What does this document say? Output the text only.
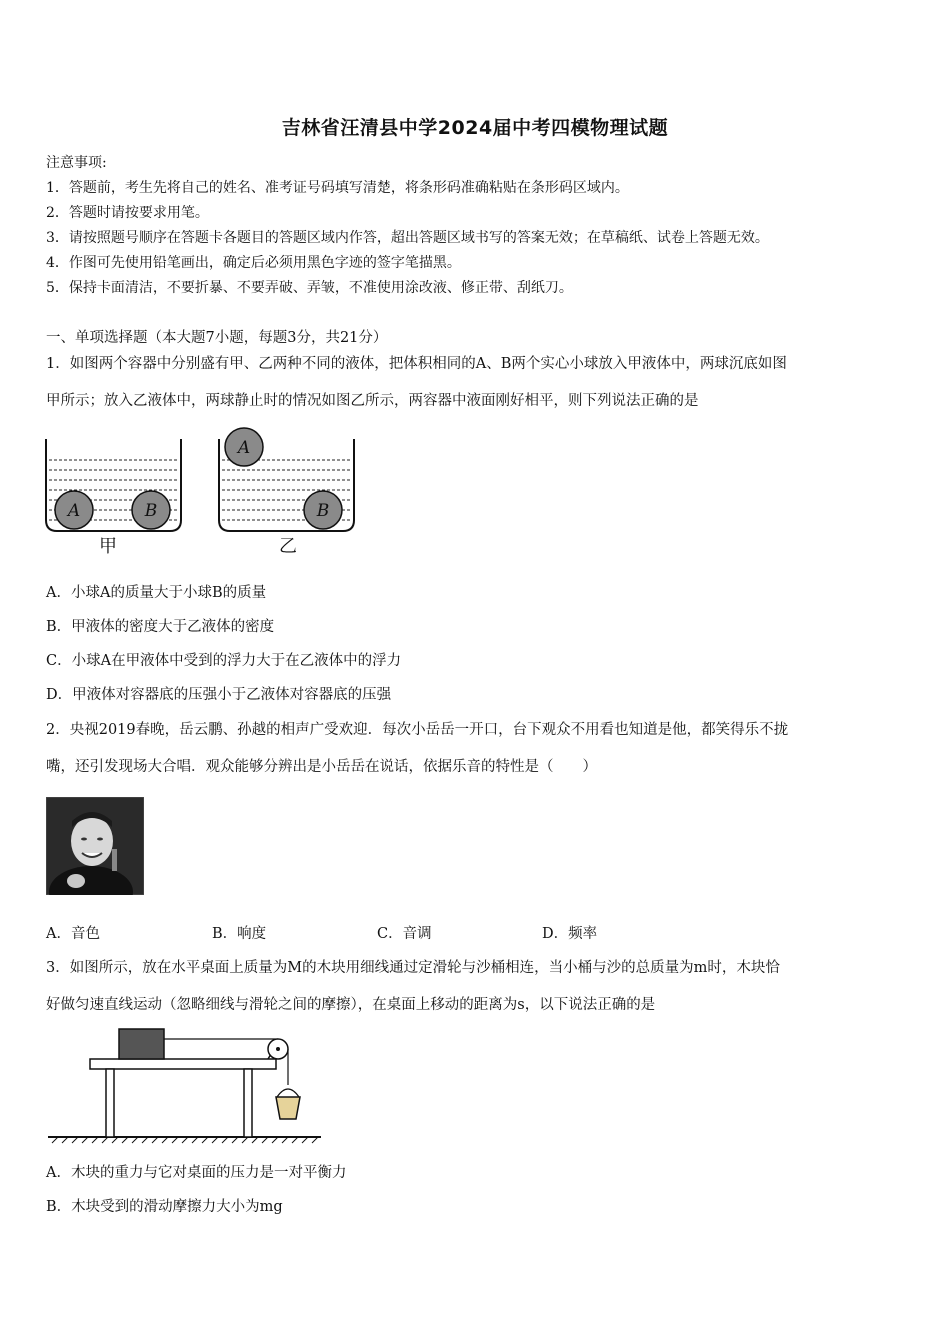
吉林省汪清县中学2024届中考四模物理试题
注意事项:
1．答题前，考生先将自己的姓名、准考证号码填写清楚，将条形码准确粘贴在条形码区域内。
2．答题时请按要求用笔。
3．请按照题号顺序在答题卡各题目的答题区域内作答，超出答题区域书写的答案无效；在草稿纸、试卷上答题无效。
4．作图可先使用铅笔画出，确定后必须用黑色字迹的签字笔描黑。
5．保持卡面清洁，不要折暴、不要弄破、弄皱，不准使用涂改液、修正带、刮纸刀。
一、单项选择题（本大题7小题，每题3分，共21分）
1．如图两个容器中分别盛有甲、乙两种不同的液体，把体积相同的A、B两个实心小球放入甲液体中，两球沉底如图
甲所示；放入乙液体中，两球静止时的情况如图乙所示，两容器中液面刚好相平，则下列说法正确的是
A	B
甲
A
B
乙
A．小球A的质量大于小球B的质量
B．甲液体的密度大于乙液体的密度
C．小球A在甲液体中受到的浮力大于在乙液体中的浮力
D．甲液体对容器底的压强小于乙液体对容器底的压强
2．央视2019春晚，岳云鹏、孙越的相声广受欢迎．每次小岳岳一开口，台下观众不用看也知道是他，都笑得乐不拢
嘴，还引发现场大合唱．观众能够分辨出是小岳岳在说话，依据乐音的特性是（　　）
A．音色	B．响度	C．音调	D．频率
3．如图所示，放在水平桌面上质量为M的木块用细线通过定滑轮与沙桶相连，当小桶与沙的总质量为m时，木块恰
好做匀速直线运动（忽略细线与滑轮之间的摩擦），在桌面上移动的距离为s，以下说法正确的是
A．木块的重力与它对桌面的压力是一对平衡力
B．木块受到的滑动摩擦力大小为mg
